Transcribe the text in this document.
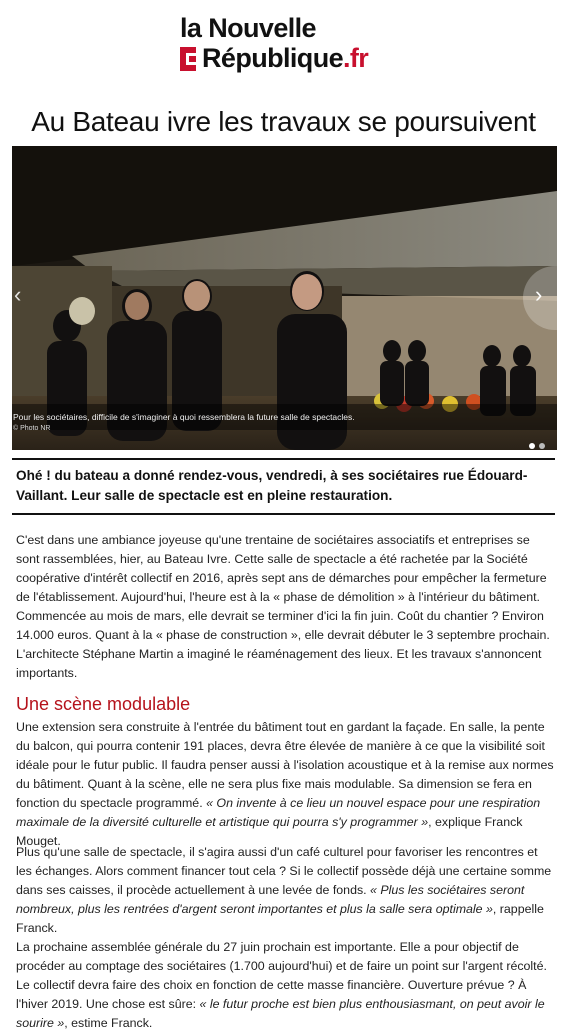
la Nouvelle
République.fr
Au Bateau ivre les travaux se poursuivent
Pour les sociétaires, difficile de s'imaginer à quoi ressemblera la future salle de spectacles.
© Photo NR
‹	›

Ohé ! du bateau a donné rendez-vous, vendredi, à ses sociétaires rue Édouard-Vaillant. Leur salle de spectacle est en pleine restauration.

C'est dans une ambiance joyeuse qu'une trentaine de sociétaires associatifs et entreprises se sont rassemblées, hier, au Bateau Ivre. Cette salle de spectacle a été rachetée par la Société coopérative d'intérêt collectif en 2016, après sept ans de démarches pour empêcher la fermeture de l'établissement. Aujourd'hui, l'heure est à la « phase de démolition » à l'intérieur du bâtiment. Commencée au mois de mars, elle devrait se terminer d'ici la fin juin. Coût du chantier ? Environ 14.000 euros. Quant à la « phase de construction », elle devrait débuter le 3 septembre prochain. L'architecte Stéphane Martin a imaginé le réaménagement des lieux. Et les travaux s'annoncent importants.

Une scène modulable

Une extension sera construite à l'entrée du bâtiment tout en gardant la façade. En salle, la pente du balcon, qui pourra contenir 191 places, devra être élevée de manière à ce que la visibilité soit idéale pour le futur public. Il faudra penser aussi à l'isolation acoustique et à la remise aux normes du bâtiment. Quant à la scène, elle ne sera plus fixe mais modulable. Sa dimension se fera en fonction du spectacle programmé. « On invente à ce lieu un nouvel espace pour une respiration maximale de la diversité culturelle et artistique qui pourra s'y programmer », explique Franck Mouget.

Plus qu'une salle de spectacle, il s'agira aussi d'un café culturel pour favoriser les rencontres et les échanges. Alors comment financer tout cela ? Si le collectif possède déjà une certaine somme dans ses caisses, il procède actuellement à une levée de fonds. « Plus les sociétaires seront nombreux, plus les rentrées d'argent seront importantes et plus la salle sera optimale », rappelle Franck.
La prochaine assemblée générale du 27 juin prochain est importante. Elle a pour objectif de procéder au comptage des sociétaires (1.700 aujourd'hui) et de faire un point sur l'argent récolté. Le collectif devra faire des choix en fonction de cette masse financière. Ouverture prévue ? À l'hiver 2019. Une chose est sûre: « le futur proche est bien plus enthousiasmant, on peut avoir le sourire », estime Franck.
